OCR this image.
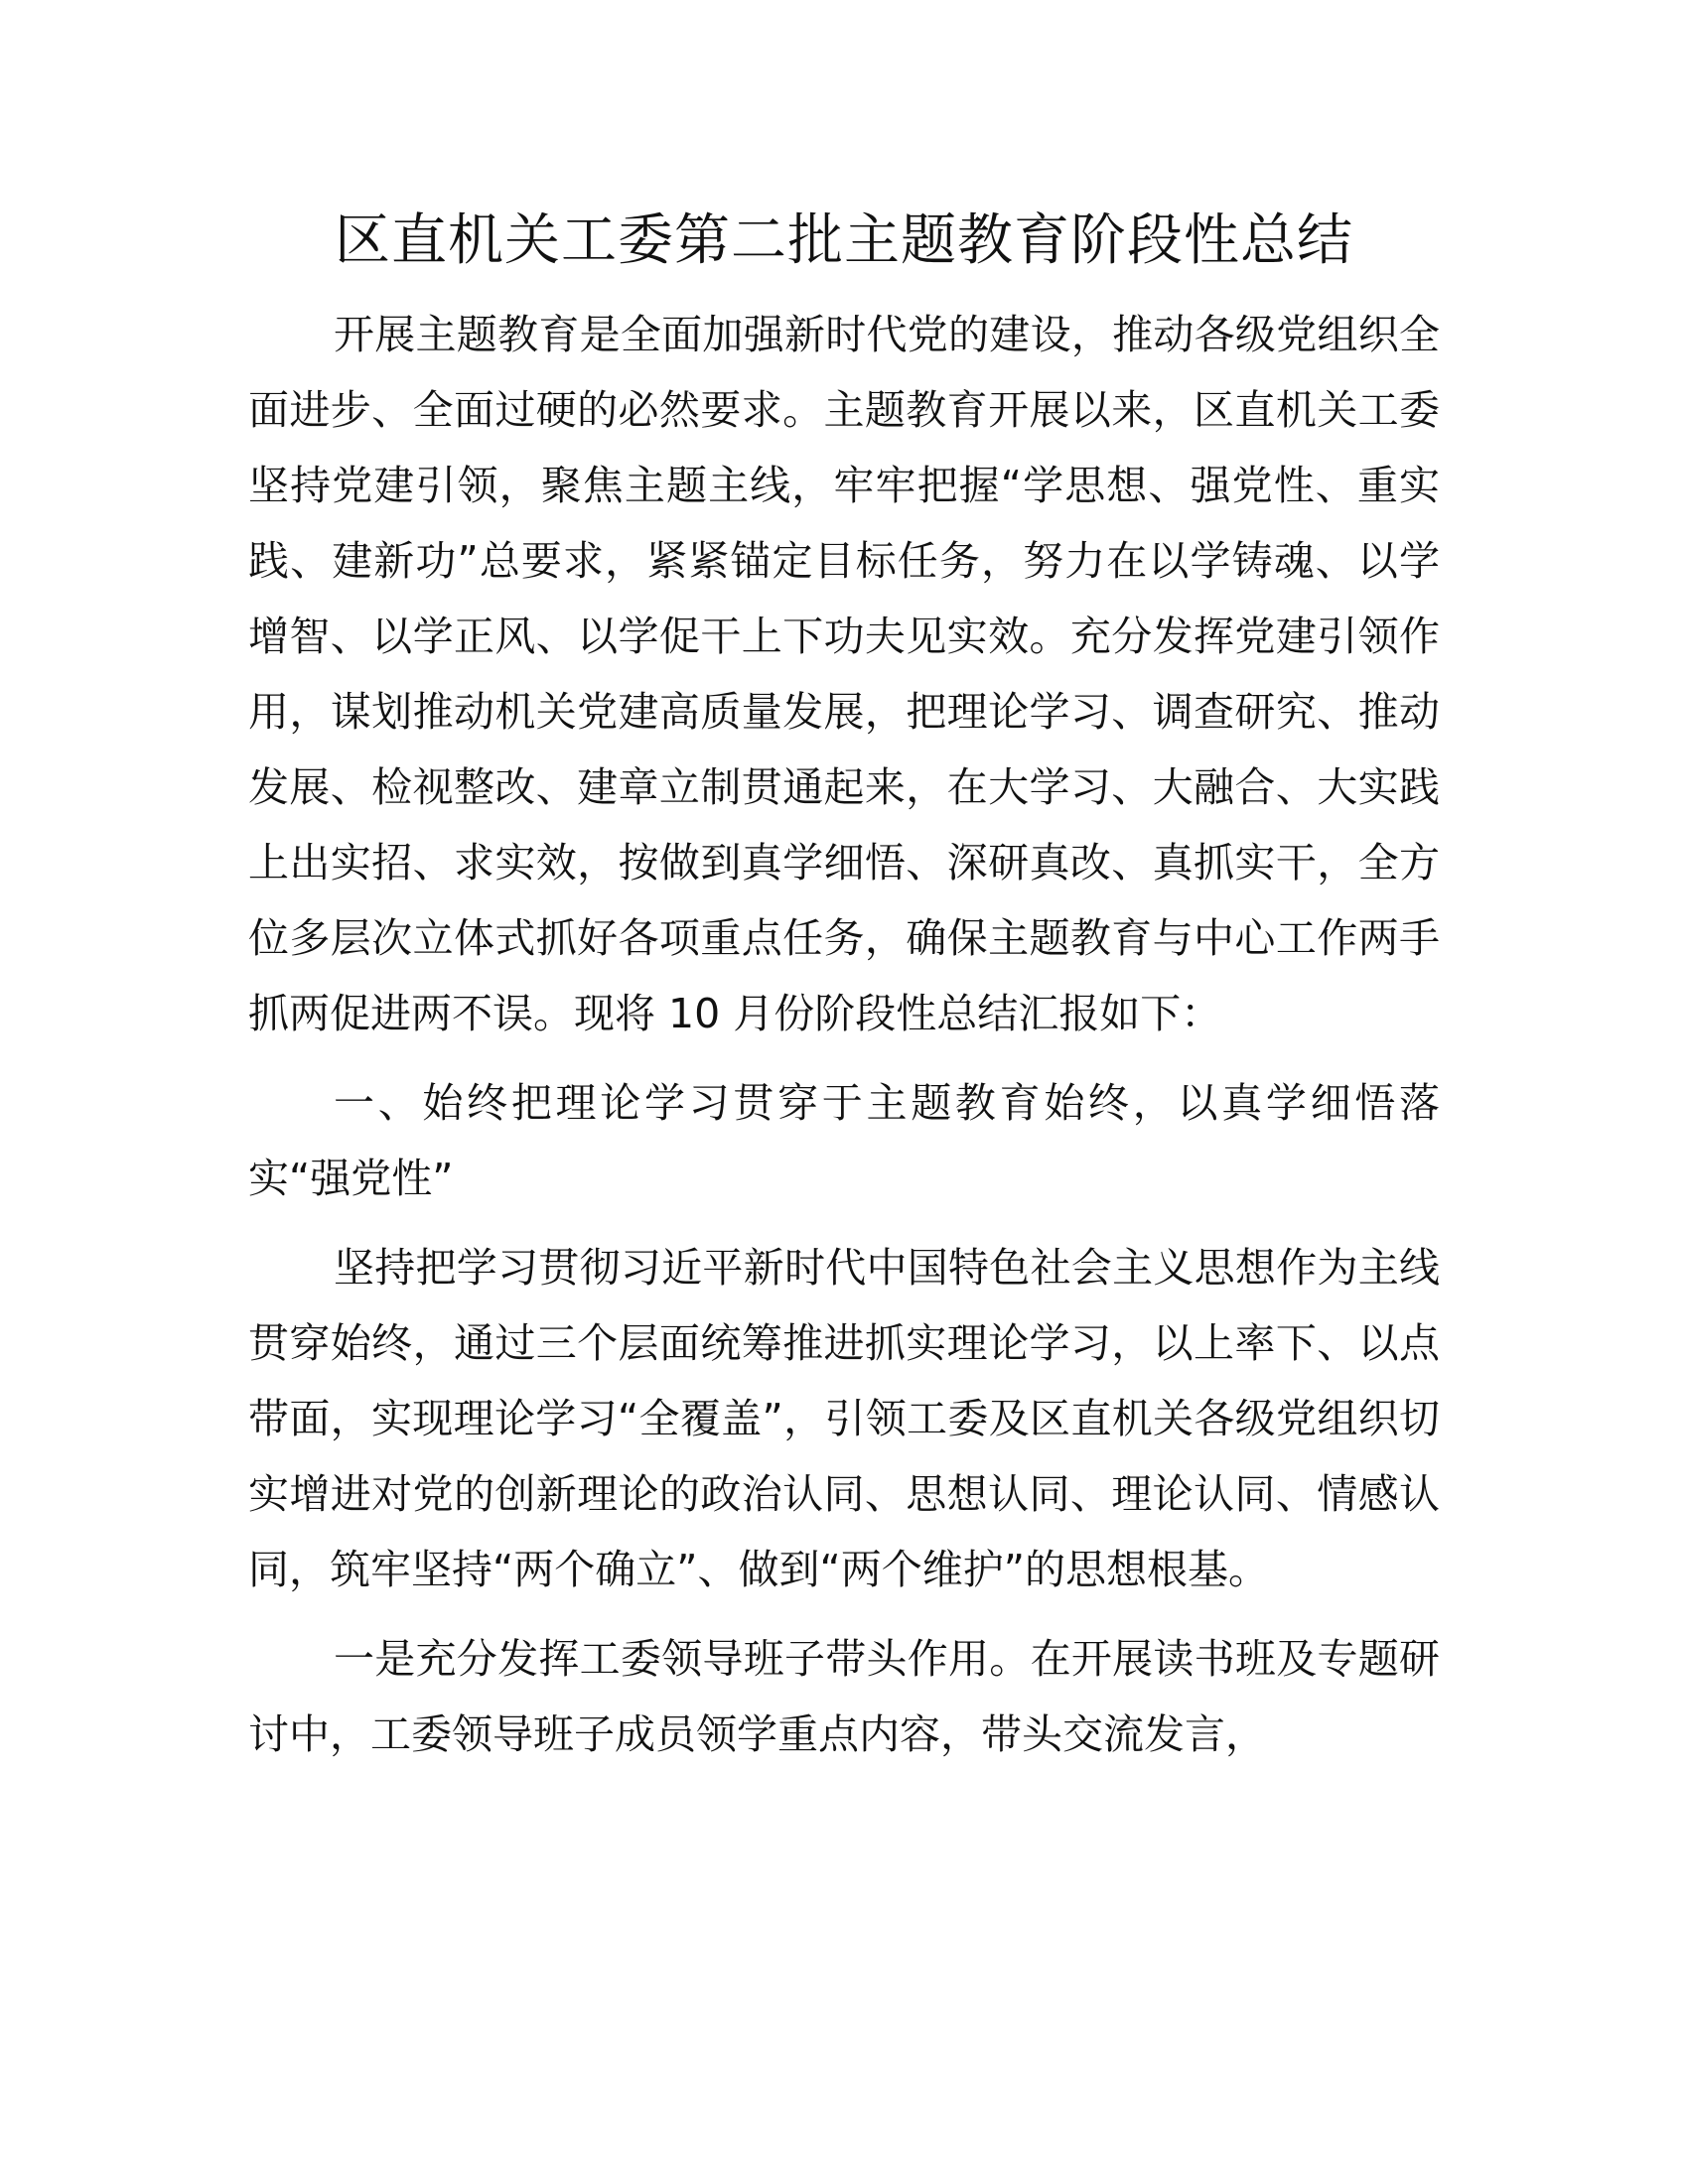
区直机关工委第二批主题教育阶段性总结

开展主题教育是全面加强新时代党的建设，推动各级党组织全面进步、全面过硬的必然要求。主题教育开展以来，区直机关工委坚持党建引领，聚焦主题主线，牢牢把握“学思想、强党性、重实践、建新功”总要求，紧紧锚定目标任务，努力在以学铸魂、以学增智、以学正风、以学促干上下功夫见实效。充分发挥党建引领作用，谋划推动机关党建高质量发展，把理论学习、调查研究、推动发展、检视整改、建章立制贯通起来，在大学习、大融合、大实践上出实招、求实效，按做到真学细悟、深研真改、真抓实干，全方位多层次立体式抓好各项重点任务，确保主题教育与中心工作两手抓两促进两不误。现将 10 月份阶段性总结汇报如下：

一、始终把理论学习贯穿于主题教育始终，以真学细悟落实“强党性”

坚持把学习贯彻习近平新时代中国特色社会主义思想作为主线贯穿始终，通过三个层面统筹推进抓实理论学习，以上率下、以点带面，实现理论学习“全覆盖”，引领工委及区直机关各级党组织切实增进对党的创新理论的政治认同、思想认同、理论认同、情感认同，筑牢坚持“两个确立”、做到“两个维护”的思想根基。

一是充分发挥工委领导班子带头作用。在开展读书班及专题研讨中，工委领导班子成员领学重点内容，带头交流发言，
